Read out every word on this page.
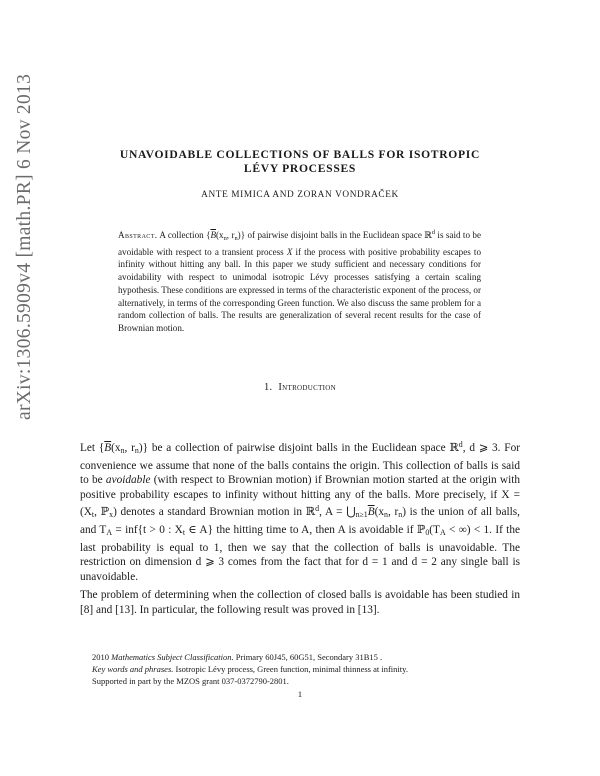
arXiv:1306.5909v4 [math.PR] 6 Nov 2013	UNAVOIDABLE COLLECTIONS OF BALLS FOR ISOTROPIC
LÉVY PROCESSES
ANTE MIMICA AND ZORAN VONDRAČEK
Abstract. A collection {$\overline{B}(x_n$, $r_n$)} of pairwise disjoint balls in the Euclidean space ℝ$^d$ is said to be avoidable with respect to a transient process X if the process with positive probability escapes to infinity without hitting any ball. In this paper we study sufficient and necessary conditions for avoidability with respect to unimodal isotropic Lévy processes satisfying a certain scaling hypothesis. These conditions are expressed in terms of the characteristic exponent of the process, or alternatively, in terms of the corresponding Green function. We also discuss the same problem for a random collection of balls. The results are generalization of several recent results for the case of Brownian motion.
1. Introduction
Let {$\overline{B}(x_n$, $r_n$)} be a collection of pairwise disjoint balls in the Euclidean space ℝ$^d$, d ⩾ 3. For convenience we assume that none of the balls contains the origin. This collection of balls is said to be avoidable (with respect to Brownian motion) if Brownian motion started at the origin with positive probability escapes to infinity without hitting any of the balls. More precisely, if $X = (X_t$, ℙ$_x$) denotes a standard Brownian motion in ℝ$^d$, $A = ⋃_{n\ge 1}\overline{B}(x_n$, $r_n$) is the union of all balls, and $T_A = inf\{t > 0$ : $X_t$ ∈ A} the hitting time to A, then A is avoidable if $ℙ_0(T_A$ < ∞) < 1. If the last probability is equal to 1, then we say that the collection of balls is unavoidable. The restriction on dimension d ⩾ 3 comes from the fact that for d = 1 and d = 2 any single ball is unavoidable.
The problem of determining when the collection of closed balls is avoidable has been studied in [8] and [13]. In particular, the following result was proved in [13].
2010 Mathematics Subject Classification. Primary 60J45, 60G51, Secondary 31B15 .
Key words and phrases. Isotropic Lévy process, Green function, minimal thinness at infinity.
Supported in part by the MZOS grant 037-0372790-2801.
1
